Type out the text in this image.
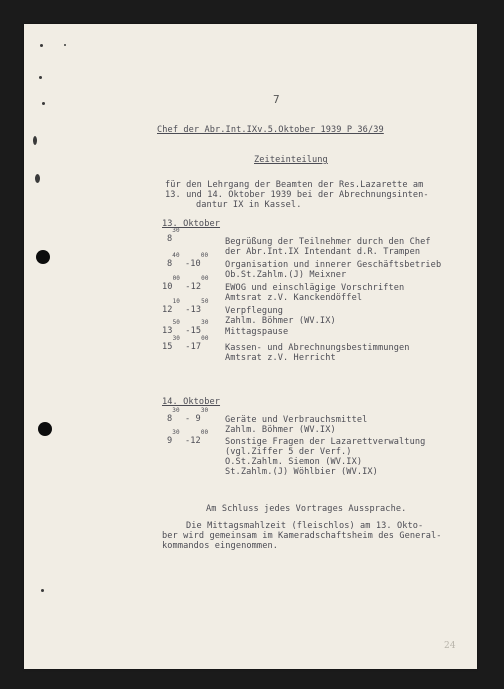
7
Chef der Abr.Int.IXv.5.Oktober 1939 P 36/39
Zeiteinteilung
für den Lehrgang der Beamten der Res.Lazarette am
13. und 14. Oktober 1939 bei der Abrechnungsinten-
dantur IX in Kassel.
13. Oktober
$8^{30}$
Begrüßung der Teilnehmer durch den Chef
der Abr.Int.IX Intendant d.R. Trampen
$8^{40}$ $-10^{00}$
Organisation und innerer Geschäftsbetrieb
Ob.St.Zahlm.(J) Meixner
$10^{00}$ $-12^{00}$
EWOG und einschlägige Vorschriften
Amtsrat z.V. Kanckendöffel
$12^{10}$ $-13^{50}$
Verpflegung
Zahlm. Böhmer (WV.IX)
$13^{50}$ $-15^{30}$
Mittagspause
$15^{30}$ $-17^{00}$
Kassen- und Abrechnungsbestimmungen
Amtsrat z.V. Herricht
14. Oktober
$8^{30} - 9^{30}$
Geräte und Verbrauchsmittel
Zahlm. Böhmer (WV.IX)
$9^{30}$ $-12^{00}$
Sonstige Fragen der Lazarettverwaltung
(vgl.Ziffer 5 der Verf.)
O.St.Zahlm. Siemon (WV.IX)
St.Zahlm.(J) Wöhlbier (WV.IX)
Am Schluss jedes Vortrages Aussprache.
Die Mittagsmahlzeit (fleischlos) am 13. Okto-
ber wird gemeinsam im Kameradschaftsheim des General-
kommandos eingenommen.
24
